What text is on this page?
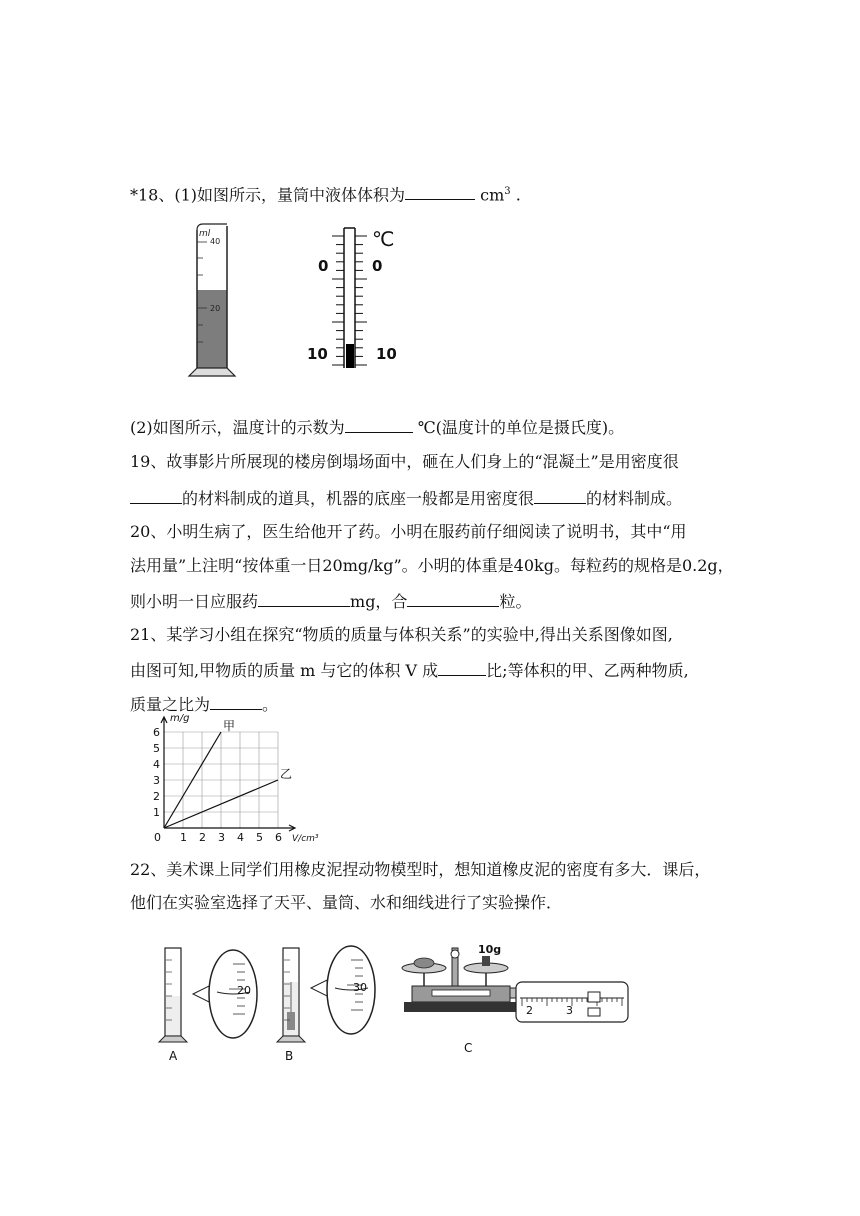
*18、(1)如图所示，量筒中液体体积为	$cm^3$ .
ml
40
20
℃
0	0
10	10
(2)如图所示，温度计的示数为	℃(温度计的单位是摄氏度)。
19、故事影片所展现的楼房倒塌场面中，砸在人们身上的“混凝土”是用密度很
的材料制成的道具，机器的底座一般都是用密度很	的材料制成。
20、小明生病了，医生给他开了药。小明在服药前仔细阅读了说明书，其中“用
法用量”上注明“按体重一日20mg/kg”。小明的体重是40kg。每粒药的规格是0.2g，
则小明一日应服药	mg，合	粒。
21、某学习小组在探究“物质的质量与体积关系”的实验中,得出关系图像如图,
由图可知,甲物质的质量 m 与它的体积 V 成	比;等体积的甲、乙两种物质,
质量之比为	。
甲
乙
0 1 2 3 4 5 6
1
2
3
4
5
6
V/cm³
m/g
22、美术课上同学们用橡皮泥捏动物模型时，想知道橡皮泥的密度有多大．课后，
他们在实验室选择了天平、量筒、水和细线进行了实验操作．
20
A
30
B
10g
2	3
C
